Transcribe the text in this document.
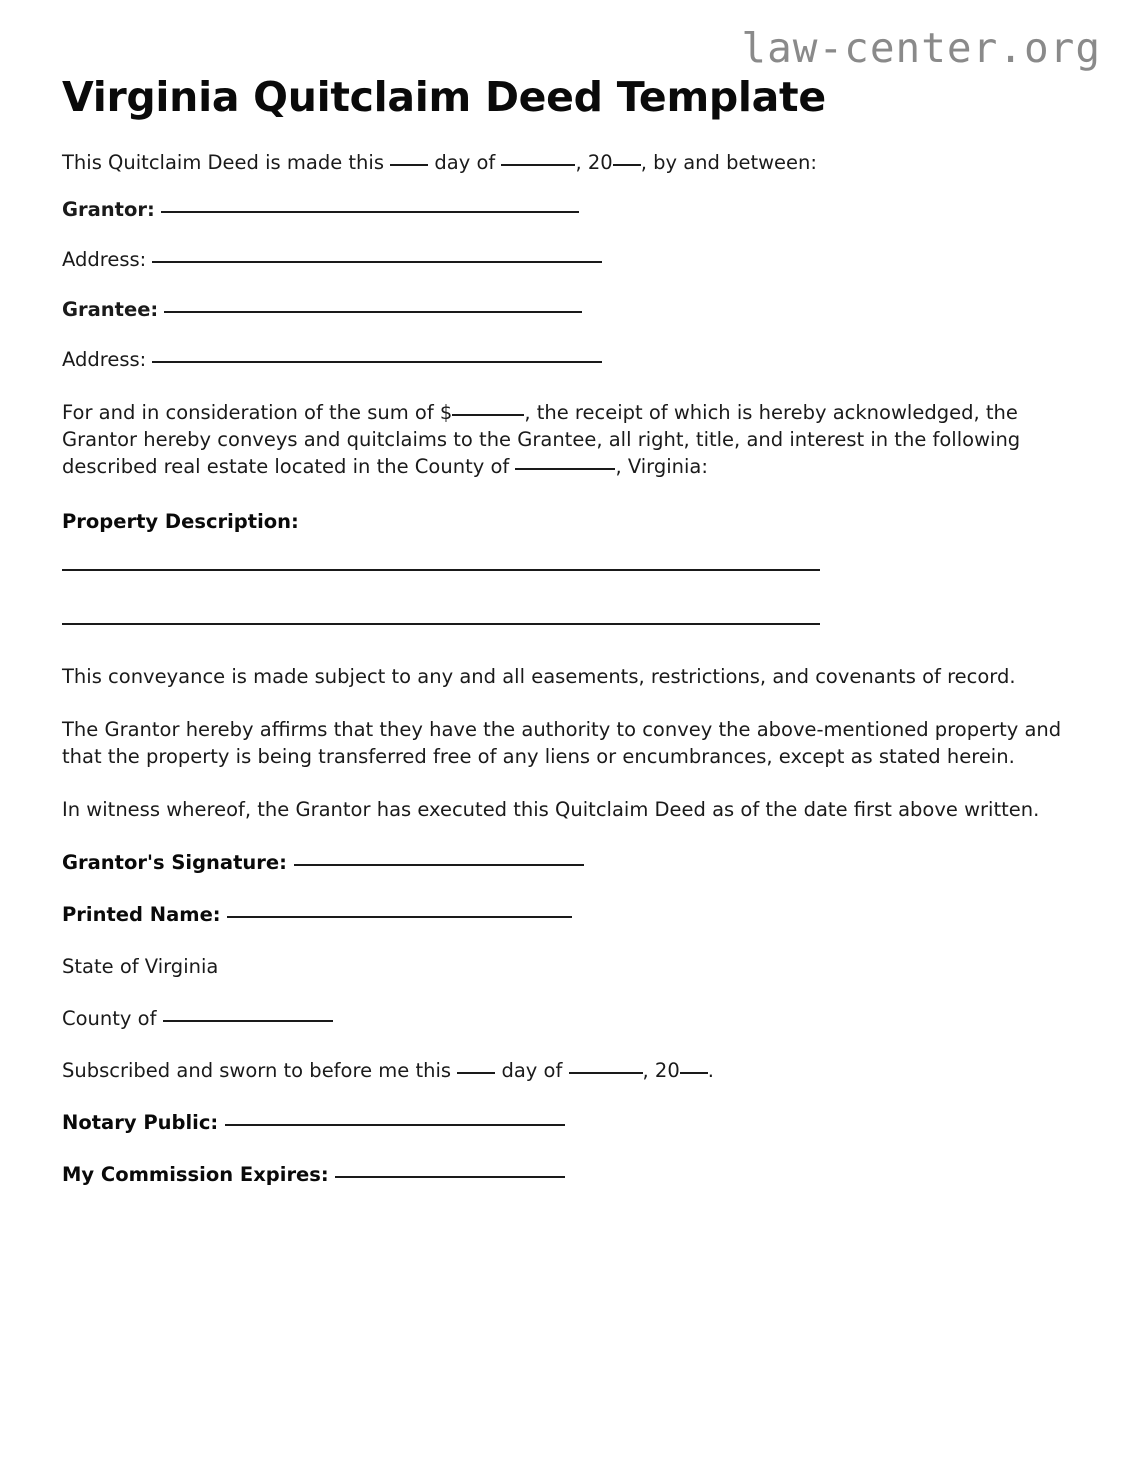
law-center.org
Virginia Quitclaim Deed Template

This Quitclaim Deed is made this	day of	, 20 , by and between:

Grantor:
Address:
Grantee:
Address:

For and in consideration of the sum of $	, the receipt of which is hereby acknowledged, the Grantor hereby conveys and quitclaims to the Grantee, all right, title, and interest in the following described real estate located in the County of	, Virginia:

Property Description:

This conveyance is made subject to any and all easements, restrictions, and covenants of record.

The Grantor hereby affirms that they have the authority to convey the above-mentioned property and that the property is being transferred free of any liens or encumbrances, except as stated herein.

In witness whereof, the Grantor has executed this Quitclaim Deed as of the date first above written.

Grantor's Signature:
Printed Name:
State of Virginia
County of
Subscribed and sworn to before me this	day of	, 20 .
Notary Public:
My Commission Expires:
